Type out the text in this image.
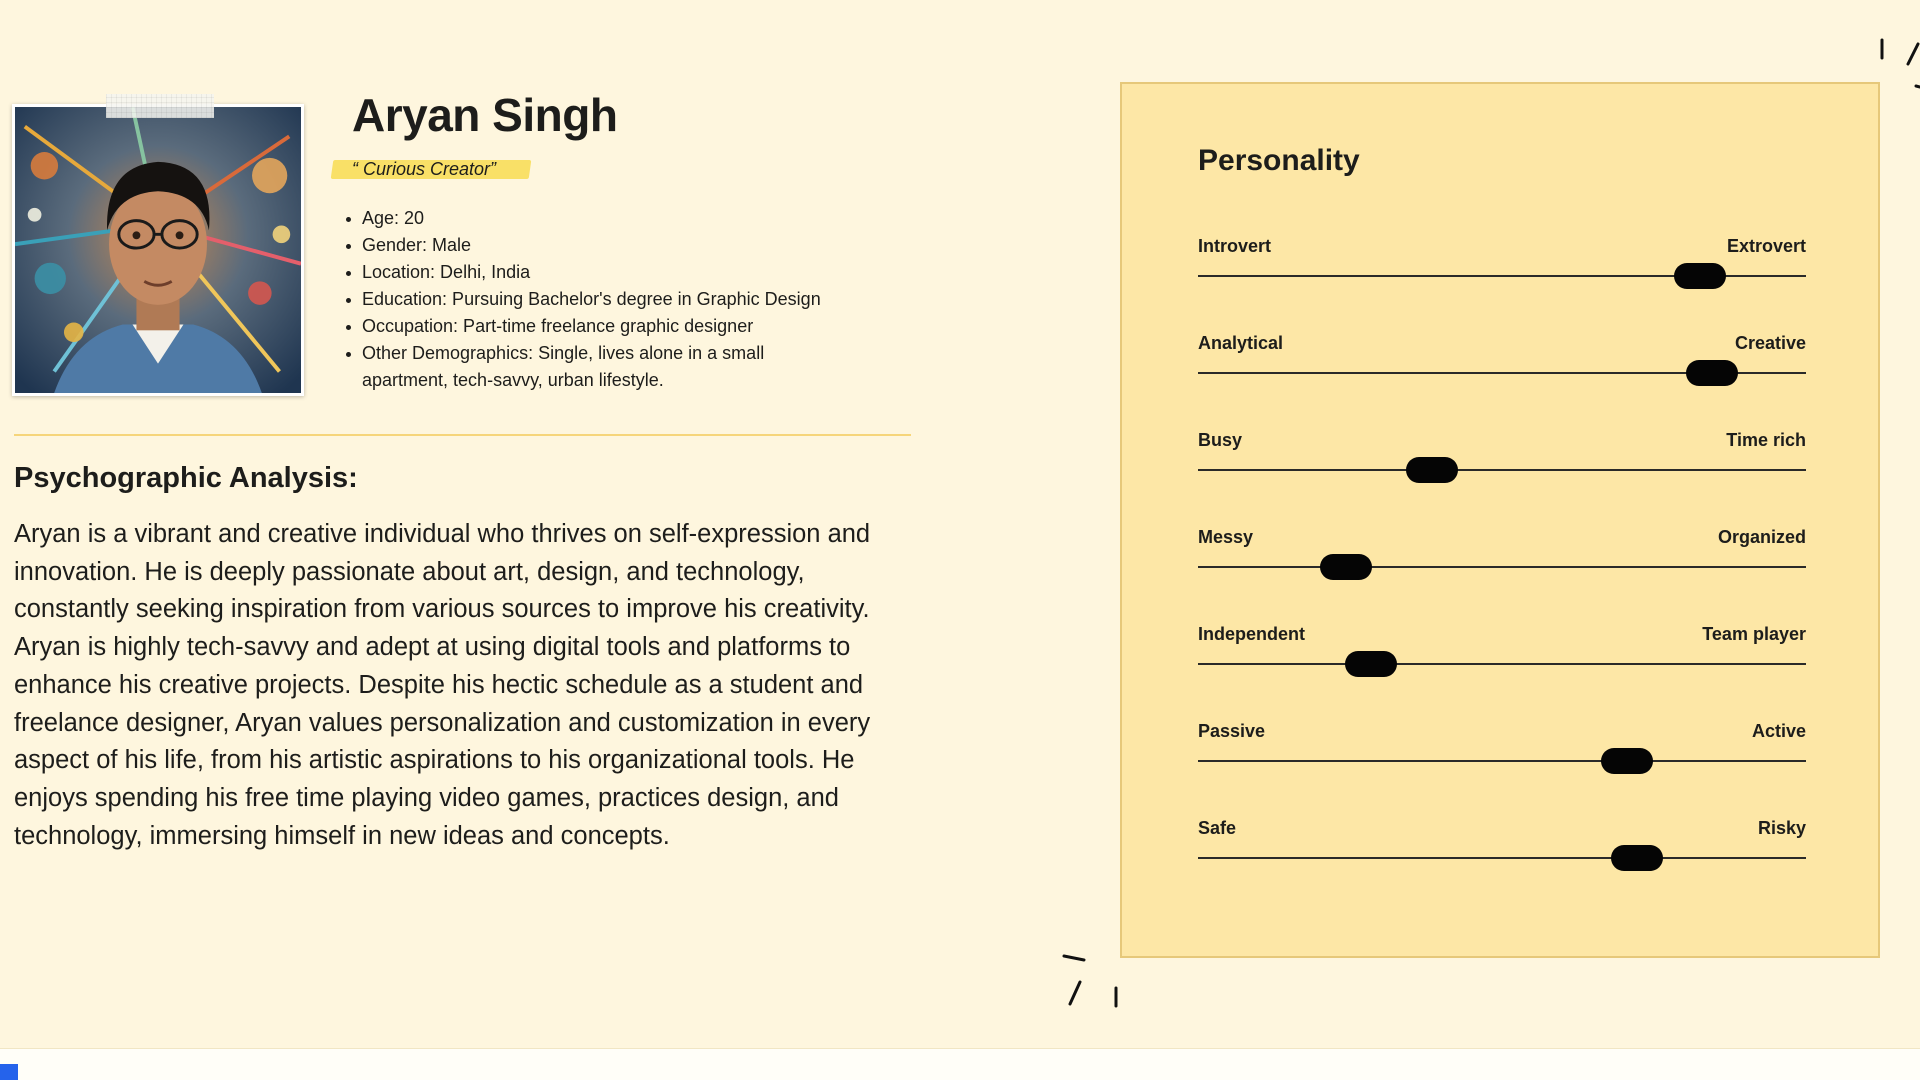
Aryan Singh
“ Curious Creator”
Age: 20
Gender: Male
Location: Delhi, India
Education: Pursuing Bachelor's degree in Graphic Design
Occupation: Part-time freelance graphic designer
Other Demographics: Single, lives alone in a small apartment, tech-savvy, urban lifestyle.
Psychographic Analysis:
Aryan is a vibrant and creative individual who thrives on self-expression and innovation. He is deeply passionate about art, design, and technology, constantly seeking inspiration from various sources to improve his creativity. Aryan is highly tech-savvy and adept at using digital tools and platforms to enhance his creative projects. Despite his hectic schedule as a student and freelance designer, Aryan values personalization and customization in every aspect of his life, from his artistic aspirations to his organizational tools. He enjoys spending his free time playing video games, practices design, and technology, immersing himself in new ideas and concepts.
Personality
Introvert	Extrovert
Analytical	Creative
Busy	Time rich
Messy	Organized
Independent	Team player
Passive	Active
Safe	Risky
